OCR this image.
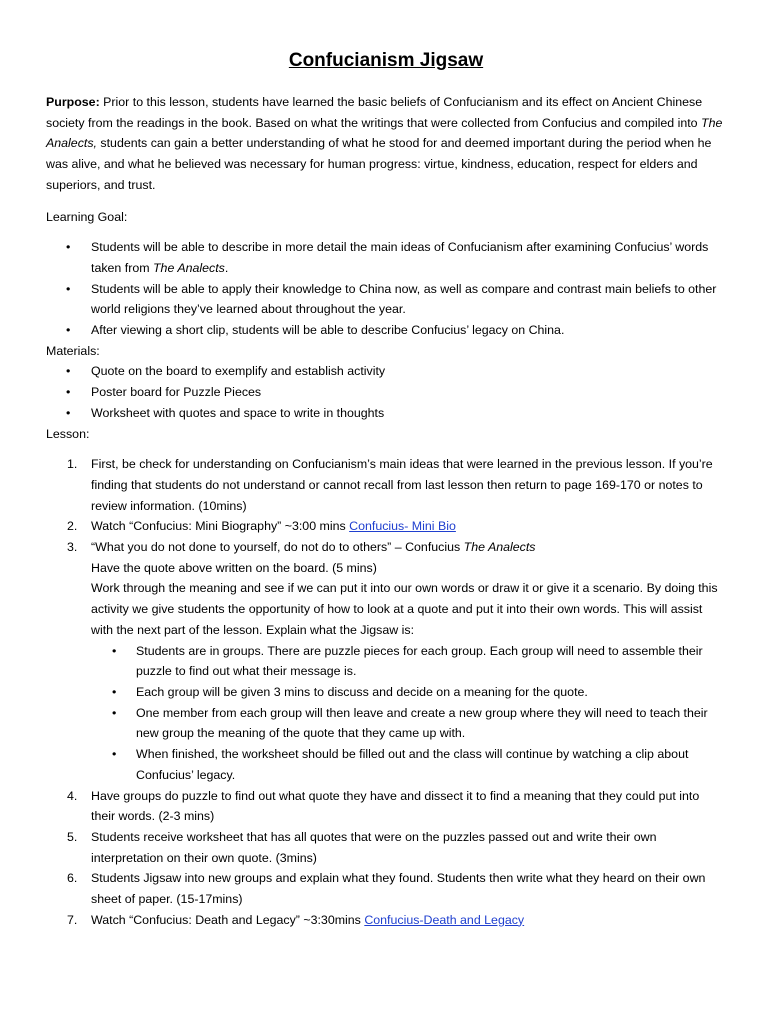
Confucianism Jigsaw

Purpose: Prior to this lesson, students have learned the basic beliefs of Confucianism and its effect on Ancient Chinese society from the readings in the book. Based on what the writings that were collected from Confucius and compiled into The Analects, students can gain a better understanding of what he stood for and deemed important during the period when he was alive, and what he believed was necessary for human progress: virtue, kindness, education, respect for elders and superiors, and trust.

Learning Goal:

• Students will be able to describe in more detail the main ideas of Confucianism after examining Confucius’ words taken from The Analects.
• Students will be able to apply their knowledge to China now, as well as compare and contrast main beliefs to other world religions they’ve learned about throughout the year.
• After viewing a short clip, students will be able to describe Confucius’ legacy on China.

Materials:

• Quote on the board to exemplify and establish activity
• Poster board for Puzzle Pieces
• Worksheet with quotes and space to write in thoughts

Lesson:

1. First, be check for understanding on Confucianism’s main ideas that were learned in the previous lesson. If you’re finding that students do not understand or cannot recall from last lesson then return to page 169-170 or notes to review information. (10mins)
2. Watch “Confucius: Mini Biography” ~3:00 mins Confucius- Mini Bio
3. “What you do not done to yourself, do not do to others” – Confucius The Analects
Have the quote above written on the board. (5 mins)
Work through the meaning and see if we can put it into our own words or draw it or give it a scenario. By doing this activity we give students the opportunity of how to look at a quote and put it into their own words. This will assist with the next part of the lesson. Explain what the Jigsaw is:
• Students are in groups. There are puzzle pieces for each group. Each group will need to assemble their puzzle to find out what their message is.
• Each group will be given 3 mins to discuss and decide on a meaning for the quote.
• One member from each group will then leave and create a new group where they will need to teach their new group the meaning of the quote that they came up with.
• When finished, the worksheet should be filled out and the class will continue by watching a clip about Confucius’ legacy.
4. Have groups do puzzle to find out what quote they have and dissect it to find a meaning that they could put into their words. (2-3 mins)
5. Students receive worksheet that has all quotes that were on the puzzles passed out and write their own interpretation on their own quote. (3mins)
6. Students Jigsaw into new groups and explain what they found. Students then write what they heard on their own sheet of paper. (15-17mins)
7. Watch “Confucius: Death and Legacy” ~3:30mins Confucius-Death and Legacy
